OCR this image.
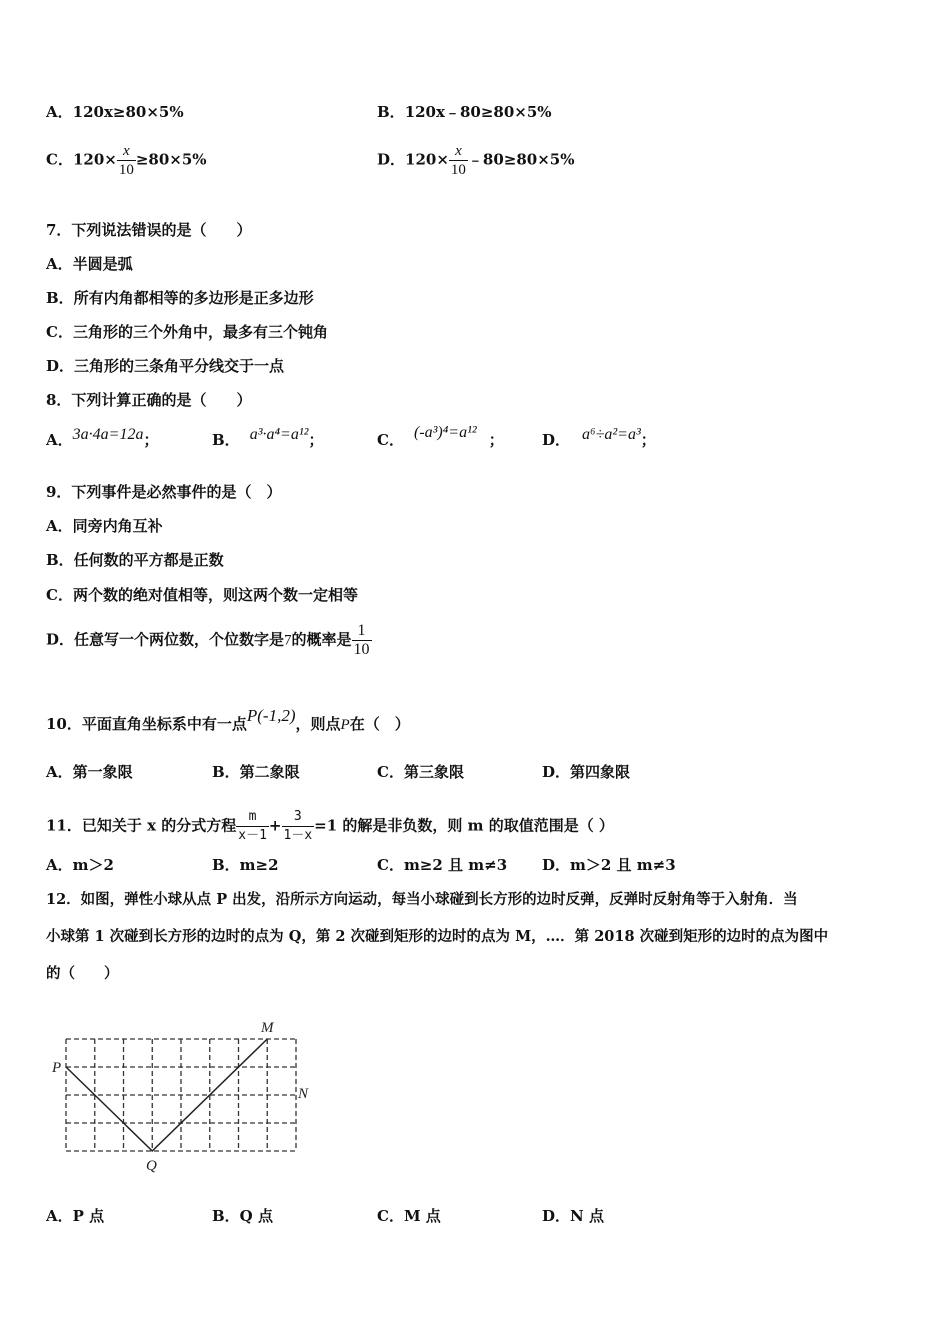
A．120x≥80×5%	B．120x﹣80≥80×5%
C．$120\times \frac{x}{10} \ge 80\times 5\%$	D．$120\times \frac{x}{10}$ ﹣80≥80×5%
7．下列说法错误的是（　　）
A．半圆是弧
B．所有内角都相等的多边形是正多边形
C．三角形的三个外角中，最多有三个钝角
D．三角形的三条角平分线交于一点
8．下列计算正确的是（　　）
A．3a·4a=12a；	B． a³·a⁴=a¹²；	C． (-a³)⁴=a¹² ；	D． a⁶÷a²=a³；
9．下列事件是必然事件的是（　）
A．同旁内角互补
B．任何数的平方都是正数
C．两个数的绝对值相等，则这两个数一定相等
D．任意写一个两位数，个位数字是7的概率是 $\frac{1}{10}$
10．平面直角坐标系中有一点P(-1,2)，则点P在（　）
A．第一象限	B．第二象限	C．第三象限	D．第四象限
11．已知关于 x 的分式方程 $\frac{m}{x-1} + \frac{3}{1-x} =1$ 的解是非负数，则 m 的取值范围是（ ）
A．m＞2	B．m≥2	C．m≥2 且 m≠3 D．m＞2 且 m≠3
12．如图，弹性小球从点 P 出发，沿所示方向运动，每当小球碰到长方形的边时反弹，反弹时反射角等于入射角．当
小球第 1 次碰到长方形的边时的点为 Q，第 2 次碰到矩形的边时的点为 M，…．第 2018 次碰到矩形的边时的点为图中
的（　　）
P
Q
M
N
A．P 点	B．Q 点	C．M 点	D．N 点
